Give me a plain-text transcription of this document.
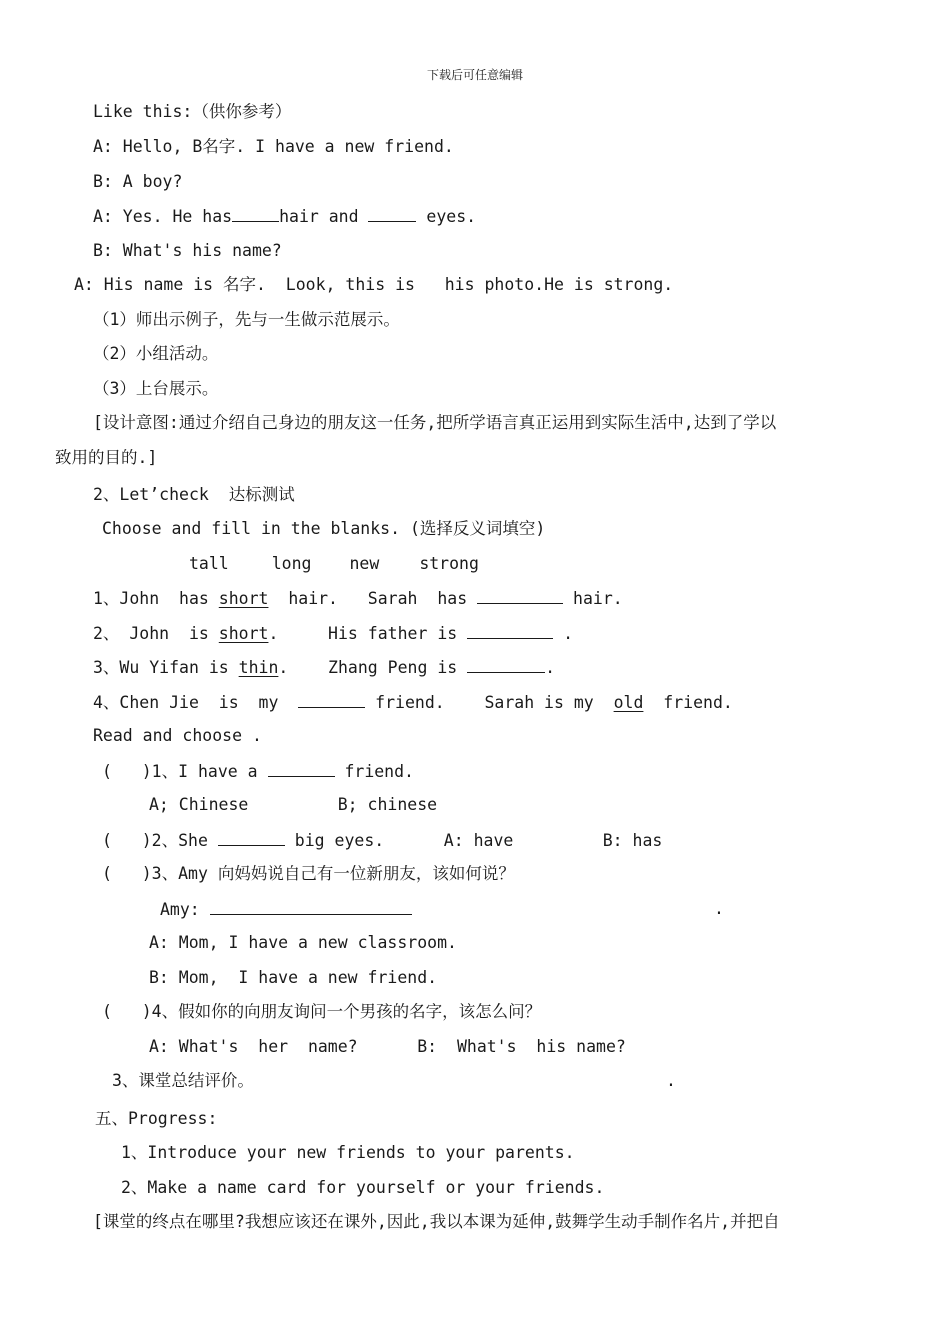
下载后可任意编辑
Like this:（供你参考）
A: Hello, B名字. I have a new friend.
B: A boy?
A: Yes. He has	hair and	eyes.
B: What's his name?
A: His name is 名字.  Look, this is   his photo.He is strong.
（1）师出示例子，先与一生做示范展示。
（2）小组活动。
（3）上台展示。
[设计意图:通过介绍自己身边的朋友这一任务,把所学语言真正运用到实际生活中,达到了学以
致用的目的.]
2、Let’check  达标测试
Choose and fill in the blanks. (选择反义词填空)
tall	long new strong
1、John  has short  hair.   Sarah  has	hair.
2、 John  is short.     His father is	.
3、Wu Yifan is thin.    Zhang Peng is	.
4、Chen Jie  is  my	friend.    Sarah is my  old  friend.
Read and choose .
(   )1、I have a	friend.
A; Chinese         B; chinese
(   )2、She	big eyes.      A: have         B: has
(   )3、Amy 向妈妈说自己有一位新朋友，该如何说？
Amy:	.
A: Mom, I have a new classroom.
B: Mom,  I have a new friend.
(   )4、假如你的向朋友询问一个男孩的名字，该怎么问？
A: What's  her  name?      B:  What's  his name?
3、课堂总结评价。	.
五、Progress:
1、Introduce your new friends to your parents.
2、Make a name card for yourself or your friends.
[课堂的终点在哪里?我想应该还在课外,因此,我以本课为延伸,鼓舞学生动手制作名片,并把自
